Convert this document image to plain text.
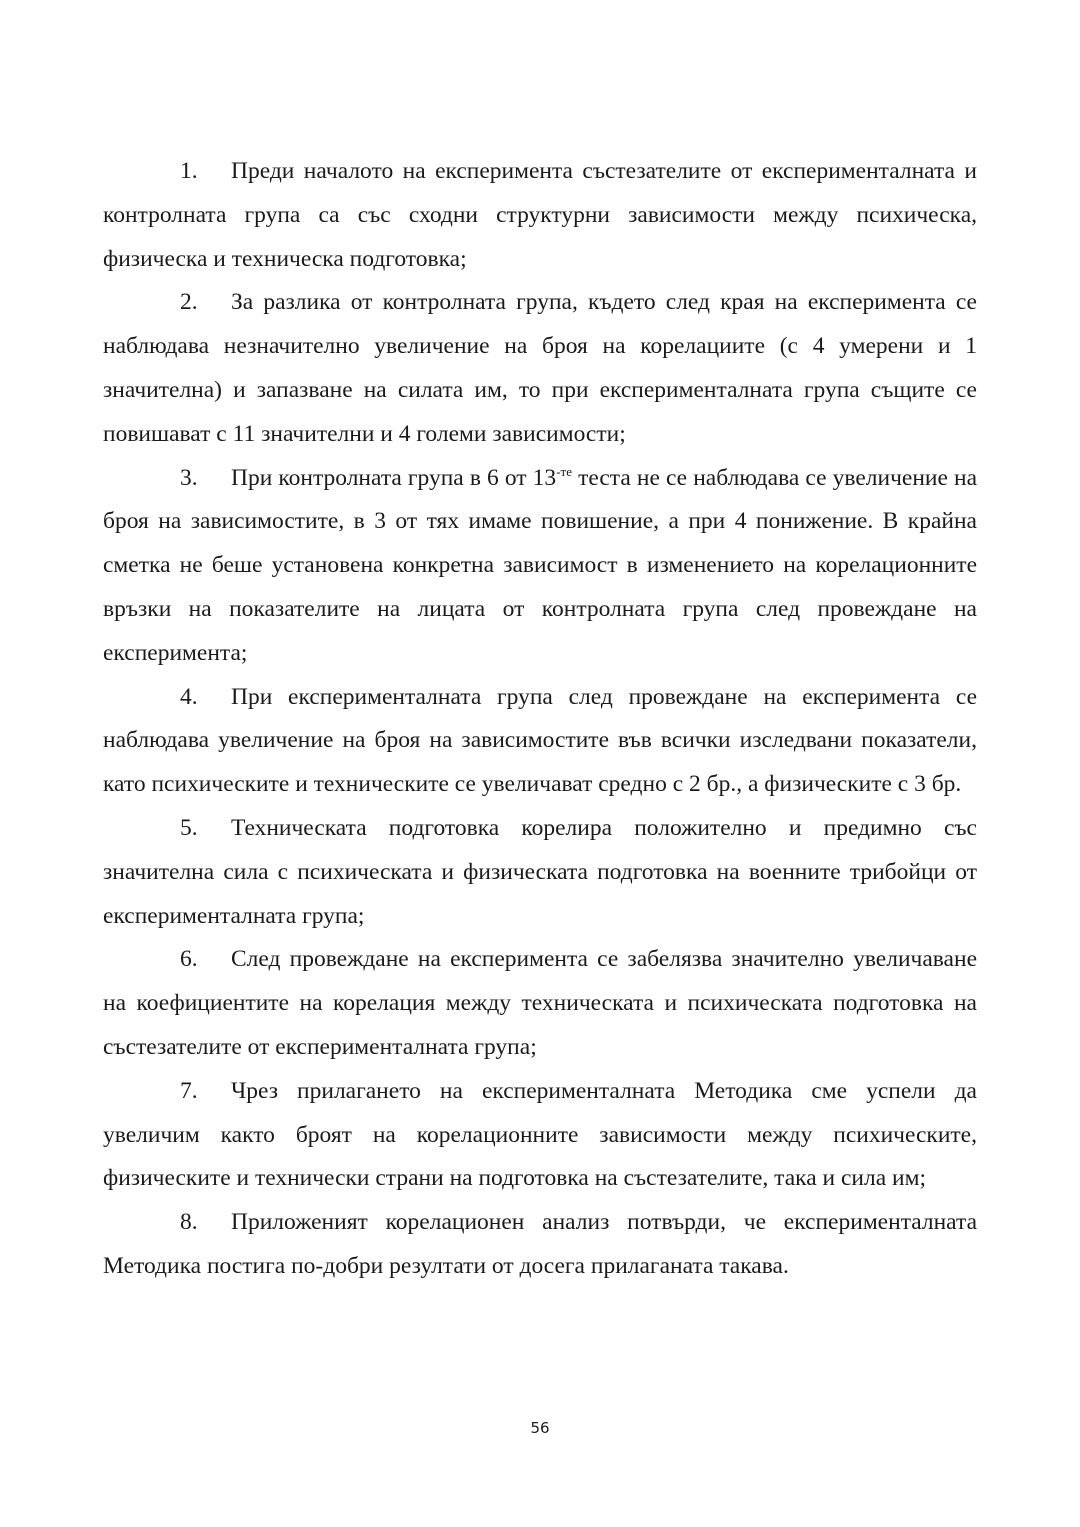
1. Преди началото на експеримента състезателите от експерименталната и контролната група са със сходни структурни зависимости между психическа, физическа и техническа подготовка;

2. За разлика от контролната група, където след края на експеримента се наблюдава незначително увеличение на броя на корелациите (с 4 умерени и 1 значителна) и запазване на силата им, то при експерименталната група същите се повишават с 11 значителни и 4 големи зависимости;

3. При контролната група в 6 от $13^{-те}$ теста не се наблюдава се увеличение на броя на зависимостите, в 3 от тях имаме повишение, а при 4 понижение. В крайна сметка не беше установена конкретна зависимост в изменението на корелационните връзки на показателите на лицата от контролната група след провеждане на експеримента;

4. При експерименталната група след провеждане на експеримента се наблюдава увеличение на броя на зависимостите във всички изследвани показатели, като психическите и техническите се увеличават средно с 2 бр., а физическите с 3 бр.

5. Техническата подготовка корелира положително и предимно със значителна сила с психическата и физическата подготовка на военните трибойци от експерименталната група;

6. След провеждане на експеримента се забелязва значително увеличаване на коефициентите на корелация между техническата и психическата подготовка на състезателите от експерименталната група;

7. Чрез прилагането на експерименталната Методика сме успели да увеличим както броят на корелационните зависимости между психическите, физическите и технически страни на подготовка на състезателите, така и сила им;

8. Приложеният корелационен анализ потвърди, че експерименталната Методика постига по-добри резултати от досега прилаганата такава.

56
